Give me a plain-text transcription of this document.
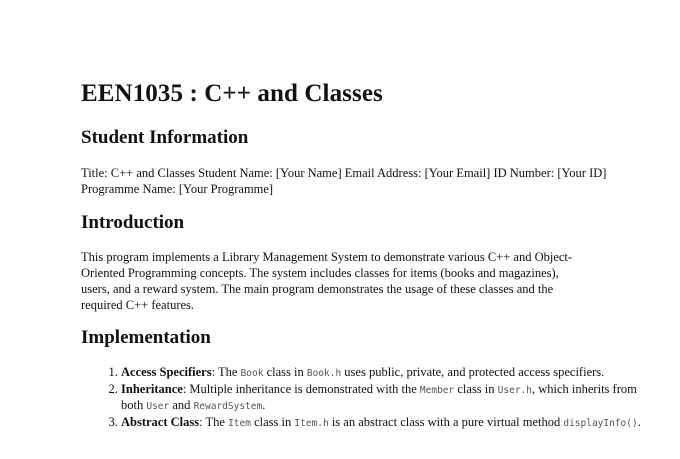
EEN1035 : C++ and Classes
Student Information

Title: C++ and Classes Student Name: [Your Name] Email Address: [Your Email] ID Number: [Your ID] Programme Name: [Your Programme]

Introduction

This program implements a Library Management System to demonstrate various C++ and Object-Oriented Programming concepts. The system includes classes for items (books and magazines), users, and a reward system. The main program demonstrates the usage of these classes and the required C++ features.

Implementation
1. Access Specifiers: The Book class in Book.h uses public, private, and protected access specifiers.
2. Inheritance: Multiple inheritance is demonstrated with the Member class in User.h, which inherits from both User and RewardSystem.
3. Abstract Class: The Item class in Item.h is an abstract class with a pure virtual method displayInfo().
